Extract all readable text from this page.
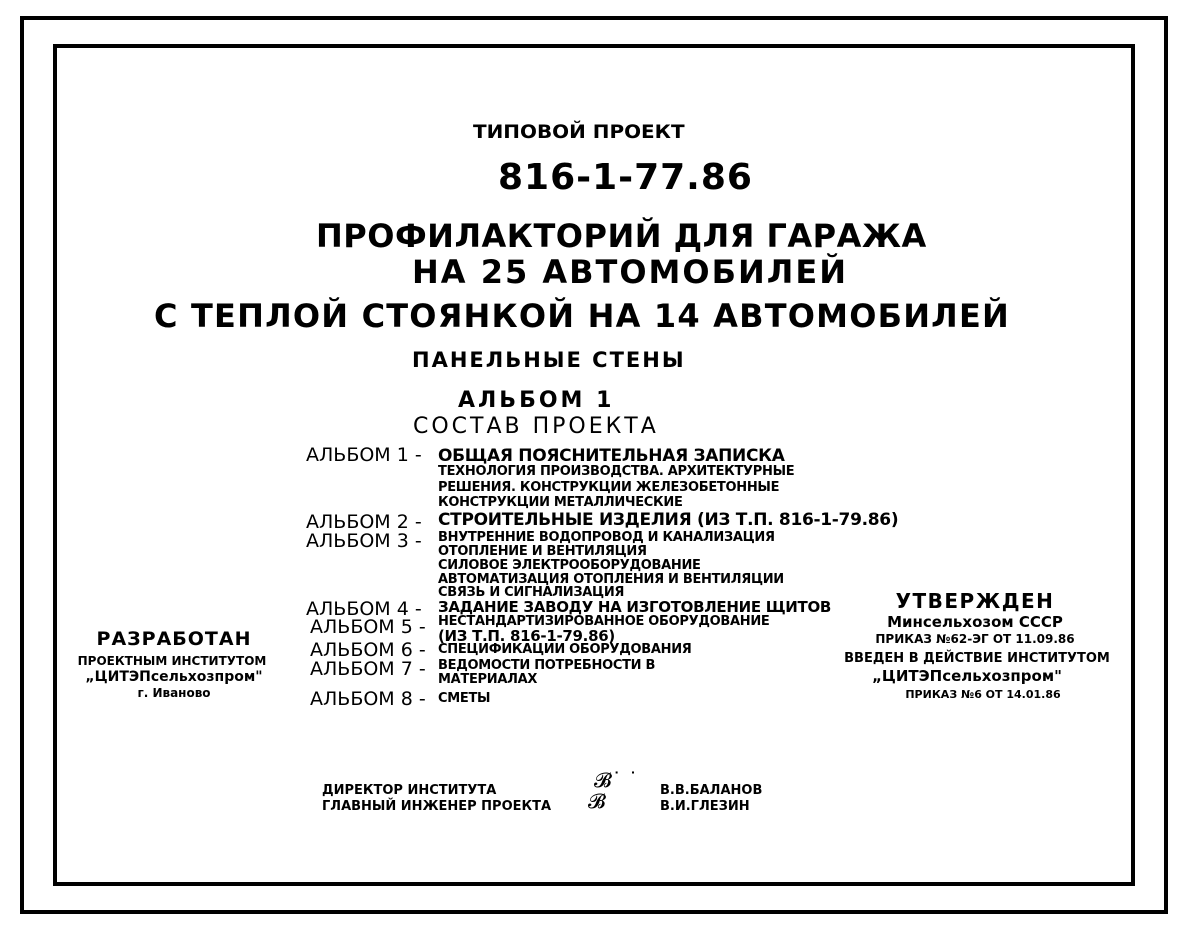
ТИПОВОЙ ПРОЕКТ
816-1-77.86
ПРОФИЛАКТОРИЙ ДЛЯ ГАРАЖА
НА 25 АВТОМОБИЛЕЙ
С ТЕПЛОЙ СТОЯНКОЙ НА 14 АВТОМОБИЛЕЙ
ПАНЕЛЬНЫЕ СТЕНЫ
АЛЬБОМ 1
СОСТАВ ПРОЕКТА
АЛЬБОМ 1 - ОБЩАЯ ПОЯСНИТЕЛЬНАЯ ЗАПИСКА
ТЕХНОЛОГИЯ ПРОИЗВОДСТВА. АРХИТЕКТУРНЫЕ
РЕШЕНИЯ. КОНСТРУКЦИИ ЖЕЛЕЗОБЕТОННЫЕ
КОНСТРУКЦИИ МЕТАЛЛИЧЕСКИЕ
АЛЬБОМ 2 - СТРОИТЕЛЬНЫЕ ИЗДЕЛИЯ (ИЗ Т.П. 816-1-79.86)
АЛЬБОМ 3 - ВНУТРЕННИЕ ВОДОПРОВОД И КАНАЛИЗАЦИЯ
ОТОПЛЕНИЕ И ВЕНТИЛЯЦИЯ
СИЛОВОЕ ЭЛЕКТРООБОРУДОВАНИЕ
АВТОМАТИЗАЦИЯ ОТОПЛЕНИЯ И ВЕНТИЛЯЦИИ
СВЯЗЬ И СИГНАЛИЗАЦИЯ
АЛЬБОМ 4 - ЗАДАНИЕ ЗАВОДУ НА ИЗГОТОВЛЕНИЕ ЩИТОВ
АЛЬБОМ 5 - НЕСТАНДАРТИЗИРОВАННОЕ ОБОРУДОВАНИЕ
(ИЗ Т.П. 816-1-79.86)
АЛЬБОМ 6 - СПЕЦИФИКАЦИИ ОБОРУДОВАНИЯ
АЛЬБОМ 7 - ВЕДОМОСТИ ПОТРЕБНОСТИ В
МАТЕРИАЛАХ
АЛЬБОМ 8 - СМЕТЫ
РАЗРАБОТАН
ПРОЕКТНЫМ ИНСТИТУТОМ
„ЦИТЭПсельхозпром"
г. Иваново
УТВЕРЖДЕН
Минсельхозом СССР
ПРИКАЗ №62-ЭГ ОТ 11.09.86
ВВЕДЕН В ДЕЙСТВИЕ ИНСТИТУТОМ
„ЦИТЭПсельхозпром"
ПРИКАЗ №6 ОТ 14.01.86
ДИРЕКТОР ИНСТИТУТА
ГЛАВНЫЙ ИНЖЕНЕР ПРОЕКТА
𝓑˙ ˙
𝓑	В.В.БАЛАНОВ
В.И.ГЛЕЗИН
